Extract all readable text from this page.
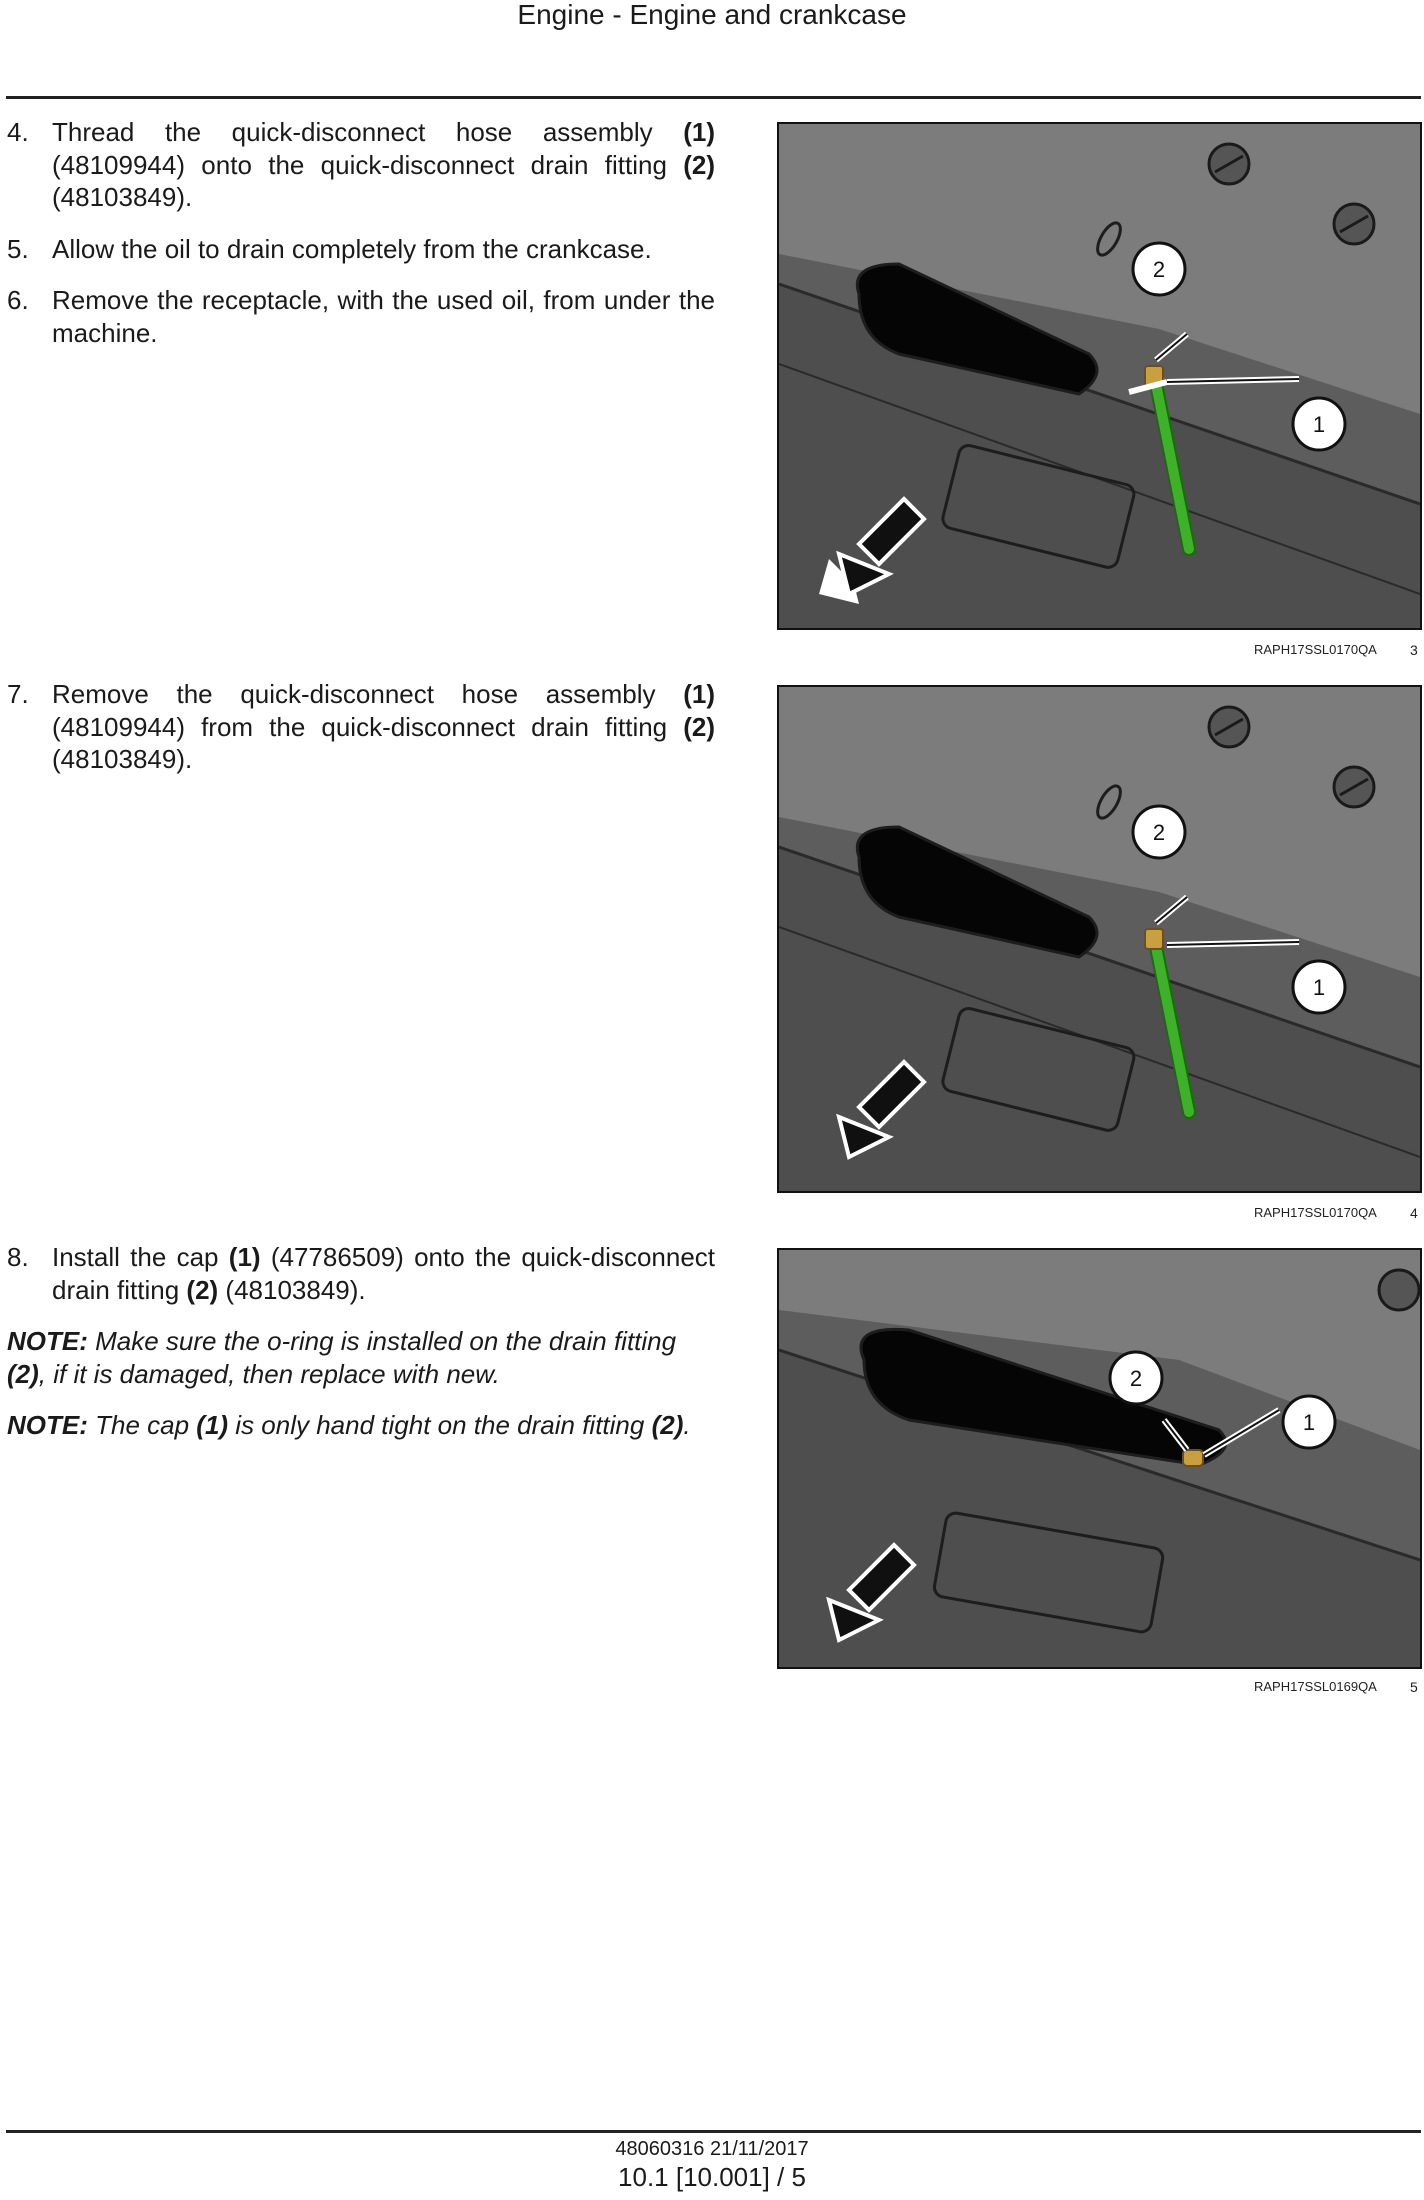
Engine - Engine and crankcase
4. Thread the quick-disconnect hose assembly (1) (48109944) onto the quick-disconnect drain fitting (2) (48103849).
5. Allow the oil to drain completely from the crankcase.
6. Remove the receptacle, with the used oil, from under the machine.
7. Remove the quick-disconnect hose assembly (1) (48109944) from the quick-disconnect drain fitting (2) (48103849).
8. Install the cap (1) (47786509) onto the quick-disconnect drain fitting (2) (48103849).
NOTE: Make sure the o-ring is installed on the drain fitting (2), if it is damaged, then replace with new.
NOTE: The cap (1) is only hand tight on the drain fitting (2).
2
1
RAPH17SSL0170QA 3
2
1
RAPH17SSL0170QA 4
2
1
RAPH17SSL0169QA 5
48060316 21/11/2017
10.1 [10.001] / 5
